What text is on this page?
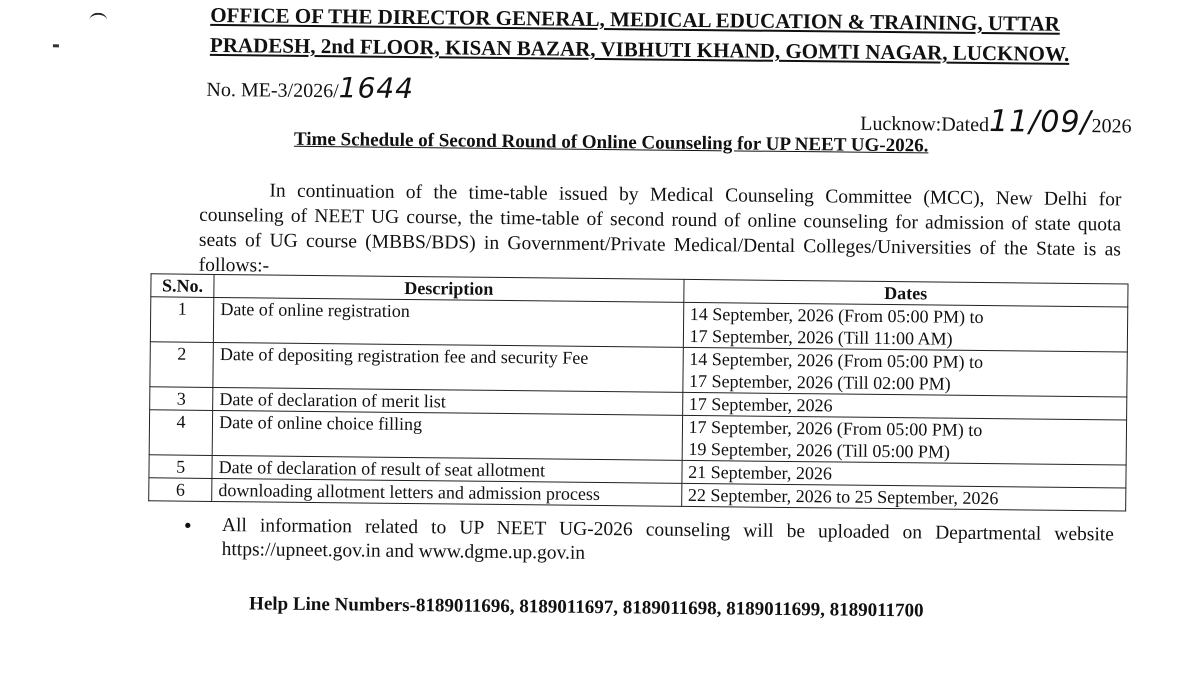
OFFICE OF THE DIRECTOR GENERAL, MEDICAL EDUCATION & TRAINING, UTTAR
PRADESH, 2nd FLOOR, KISAN BAZAR, VIBHUTI KHAND, GOMTI NAGAR, LUCKNOW.
No. ME-3/2026/1644
Lucknow:Dated11/09/2026
Time Schedule of Second Round of Online Counseling for UP NEET UG-2026.
In continuation of the time-table issued by Medical Counseling Committee (MCC), New Delhi for counseling of NEET UG course, the time-table of second round of online counseling for admission of state quota seats of UG course (MBBS/BDS) in Government/Private Medical/Dental Colleges/Universities of the State is as follows:-
S.No.	Description	Dates
1	Date of online registration	14 September, 2026 (From 05:00 PM) to
17 September, 2026 (Till 11:00 AM)

2	Date of depositing registration fee and security Fee	14 September, 2026 (From 05:00 PM) to
17 September, 2026 (Till 02:00 PM)

3	Date of declaration of merit list	17 September, 2026
4	Date of online choice filling	17 September, 2026 (From 05:00 PM) to
19 September, 2026 (Till 05:00 PM)

5	Date of declaration of result of seat allotment	21 September, 2026
6	downloading allotment letters and admission process	22 September, 2026 to 25 September, 2026
• All information related to UP NEET UG-2026 counseling will be uploaded on Departmental website https://upneet.gov.in and www.dgme.up.gov.in
Help Line Numbers-8189011696, 8189011697, 8189011698, 8189011699, 8189011700
